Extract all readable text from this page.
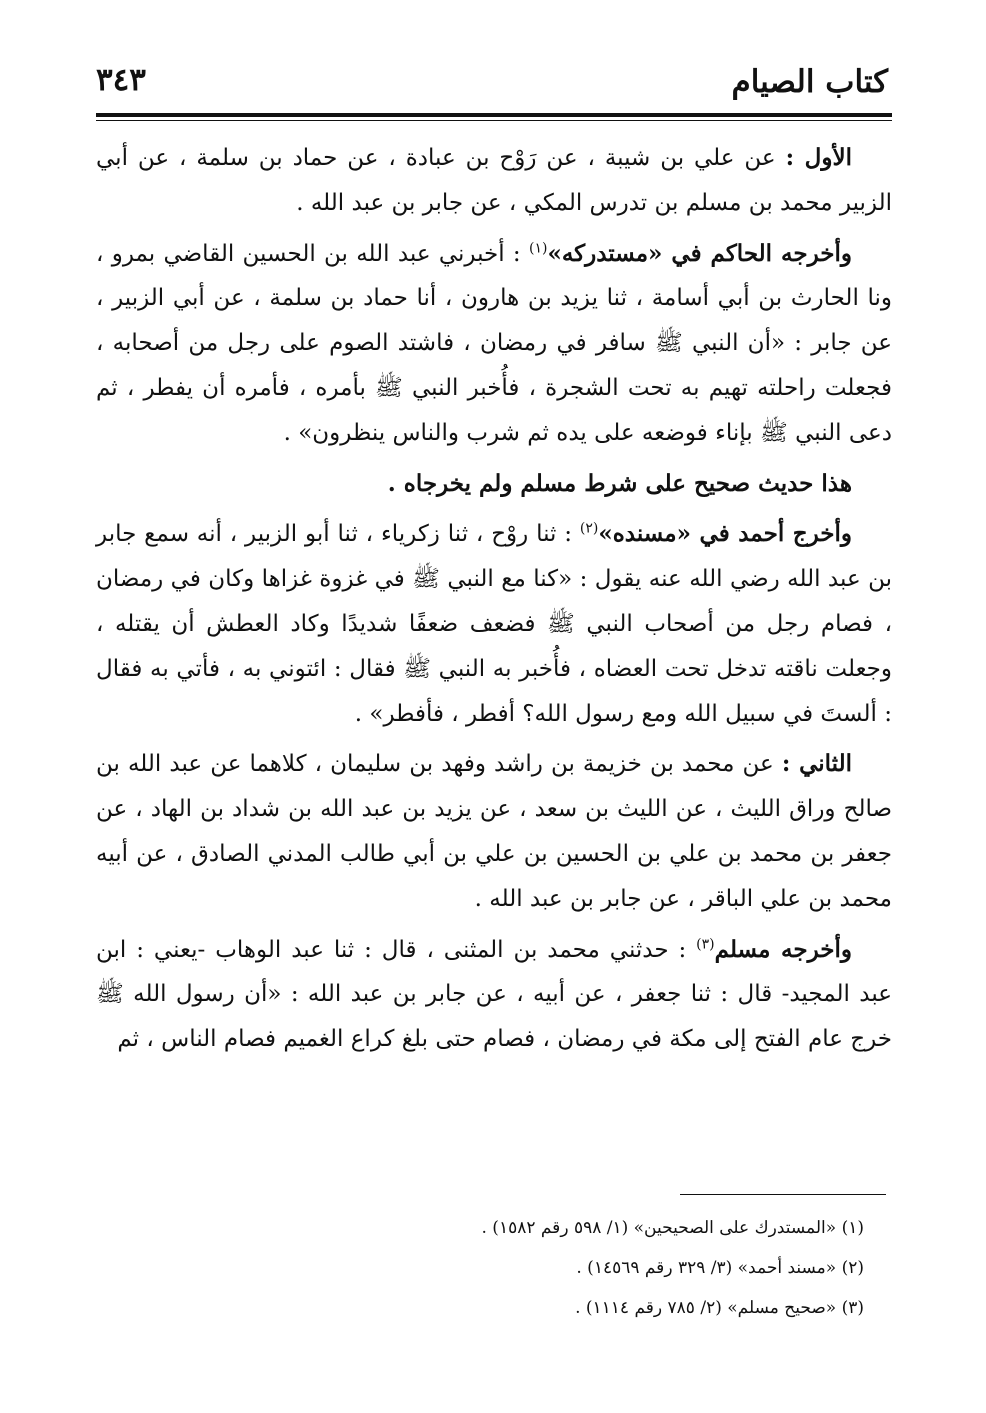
كتاب الصيام
٣٤٣

الأول : عن علي بن شيبة ، عن رَوْح بن عبادة ، عن حماد بن سلمة ، عن أبي الزبير محمد بن مسلم بن تدرس المكي ، عن جابر بن عبد الله .

وأخرجه الحاكم في «مستدركه»$^{(١)}$ : أخبرني عبد الله بن الحسين القاضي بمرو ، ونا الحارث بن أبي أسامة ، ثنا يزيد بن هارون ، أنا حماد بن سلمة ، عن أبي الزبير ، عن جابر : «أن النبي ﷺ سافر في رمضان ، فاشتد الصوم على رجل من أصحابه ، فجعلت راحلته تهيم به تحت الشجرة ، فأُخبر النبي ﷺ بأمره ، فأمره أن يفطر ، ثم دعى النبي ﷺ بإناء فوضعه على يده ثم شرب والناس ينظرون» .

هذا حديث صحيح على شرط مسلم ولم يخرجاه .

وأخرج أحمد في «مسنده»$^{(٢)}$ : ثنا روْح ، ثنا زكرياء ، ثنا أبو الزبير ، أنه سمع جابر بن عبد الله رضي الله عنه يقول : «كنا مع النبي ﷺ في غزوة غزاها وكان في رمضان ، فصام رجل من أصحاب النبي ﷺ فضعف ضعفًا شديدًا وكاد العطش أن يقتله ، وجعلت ناقته تدخل تحت العضاه ، فأُخبر به النبي ﷺ فقال : ائتوني به ، فأتي به فقال : ألستَ في سبيل الله ومع رسول الله؟ أفطر ، فأفطر» .

الثاني : عن محمد بن خزيمة بن راشد وفهد بن سليمان ، كلاهما عن عبد الله بن صالح وراق الليث ، عن الليث بن سعد ، عن يزيد بن عبد الله بن شداد بن الهاد ، عن جعفر بن محمد بن علي بن الحسين بن علي بن أبي طالب المدني الصادق ، عن أبيه محمد بن علي الباقر ، عن جابر بن عبد الله .

وأخرجه مسلم$^{(٣)}$ : حدثني محمد بن المثنى ، قال : ثنا عبد الوهاب -يعني : ابن عبد المجيد- قال : ثنا جعفر ، عن أبيه ، عن جابر بن عبد الله : «أن رسول الله ﷺ خرج عام الفتح إلى مكة في رمضان ، فصام حتى بلغ كراع الغميم فصام الناس ، ثم

(١) «المستدرك على الصحيحين» (١/ ٥٩٨ رقم ١٥٨٢) .

(٢) «مسند أحمد» (٣/ ٣٢٩ رقم ١٤٥٦٩) .

(٣) «صحيح مسلم» (٢/ ٧٨٥ رقم ١١١٤) .
